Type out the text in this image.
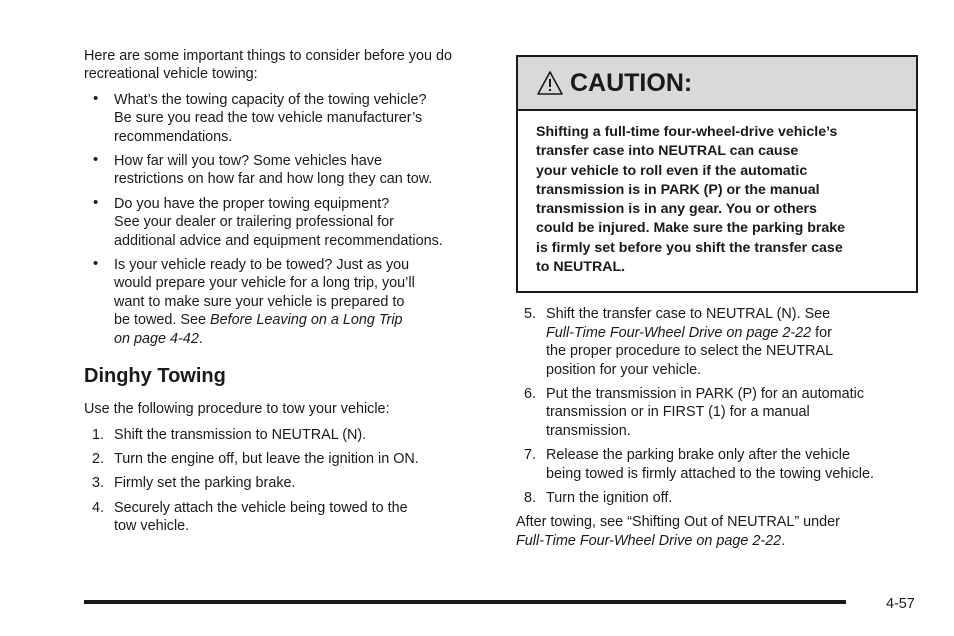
Here are some important things to consider before you do recreational vehicle towing:

• What’s the towing capacity of the towing vehicle?
Be sure you read the tow vehicle manufacturer’s
recommendations.
• How far will you tow? Some vehicles have
restrictions on how far and how long they can tow.
• Do you have the proper towing equipment?
See your dealer or trailering professional for
additional advice and equipment recommendations.
• Is your vehicle ready to be towed? Just as you
would prepare your vehicle for a long trip, you’ll
want to make sure your vehicle is prepared to
be towed. See Before Leaving on a Long Trip
on page 4-42.
Dinghy Towing

Use the following procedure to tow your vehicle:

1. Shift the transmission to NEUTRAL (N).
2. Turn the engine off, but leave the ignition in ON.
3. Firmly set the parking brake.
4. Securely attach the vehicle being towed to the
tow vehicle.
CAUTION:
Shifting a full-time four-wheel-drive vehicle’s
transfer case into NEUTRAL can cause
your vehicle to roll even if the automatic
transmission is in PARK (P) or the manual
transmission is in any gear. You or others
could be injured. Make sure the parking brake
is firmly set before you shift the transfer case
to NEUTRAL.
5. Shift the transfer case to NEUTRAL (N). See
Full-Time Four-Wheel Drive on page 2-22 for
the proper procedure to select the NEUTRAL
position for your vehicle.
6. Put the transmission in PARK (P) for an automatic
transmission or in FIRST (1) for a manual
transmission.
7. Release the parking brake only after the vehicle
being towed is firmly attached to the towing vehicle.
8. Turn the ignition off.

After towing, see “Shifting Out of NEUTRAL” under
Full-Time Four-Wheel Drive on page 2-22.

4-57
